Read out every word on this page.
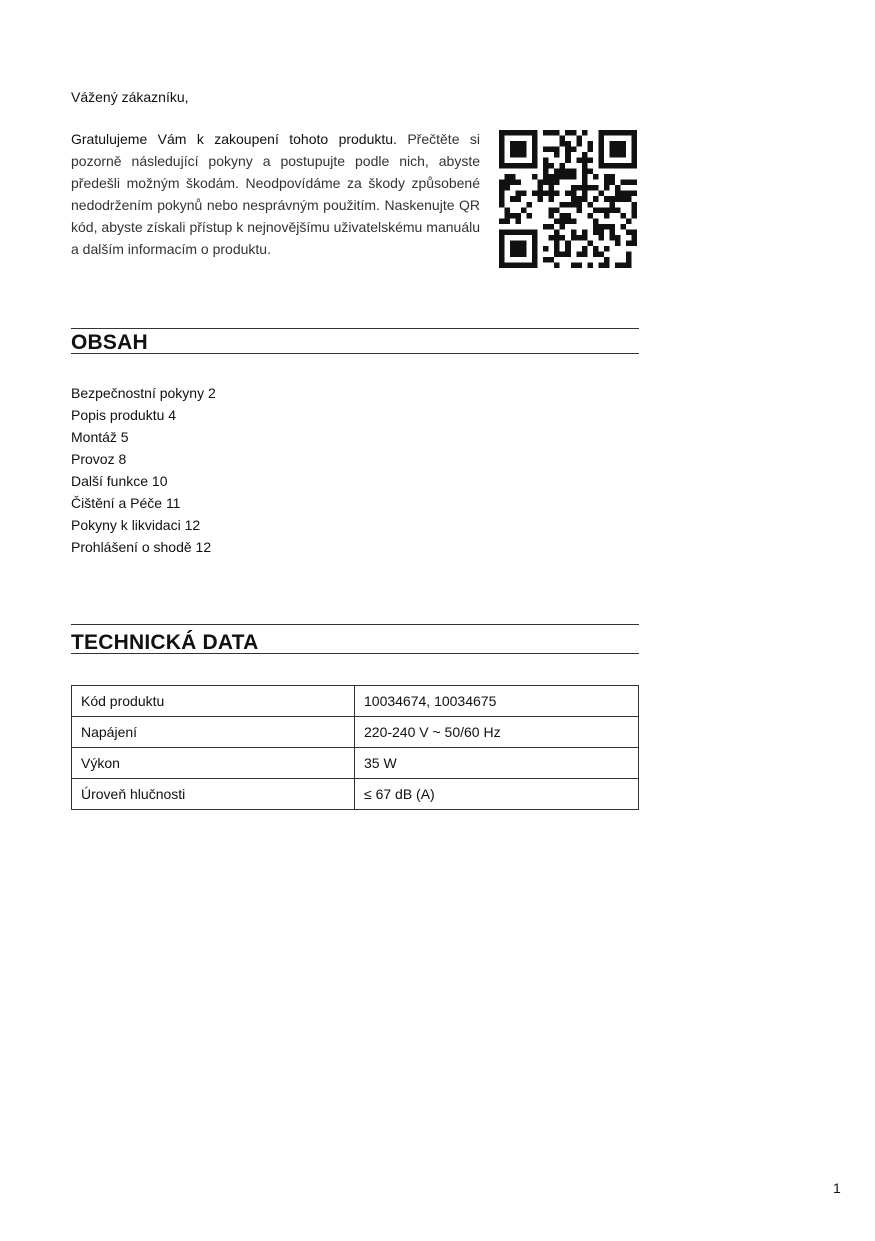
Vážený zákazníku,

Gratulujeme Vám k zakoupení tohoto produktu. Přečtěte si pozorně následující pokyny a postupujte podle nich, abyste předešli možným škodám. Neodpovídáme za škody způsobené nedodržením pokynů nebo nesprávným použitím. Naskenujte QR kód, abyste získali přístup k nejnovějšímu uživatelskému manuálu a dalším informacím o produktu.

OBSAH
Bezpečnostní pokyny 2
Popis produktu 4
Montáž 5
Provoz 8
Další funkce 10
Čištění a Péče 11
Pokyny k likvidaci 12
Prohlášení o shodě 12
TECHNICKÁ DATA
Kód produktu	10034674, 10034675
Napájení	220-240 V ~ 50/60 Hz
Výkon	35 W
Úroveň hlučnosti	≤ 67 dB (A)
1
